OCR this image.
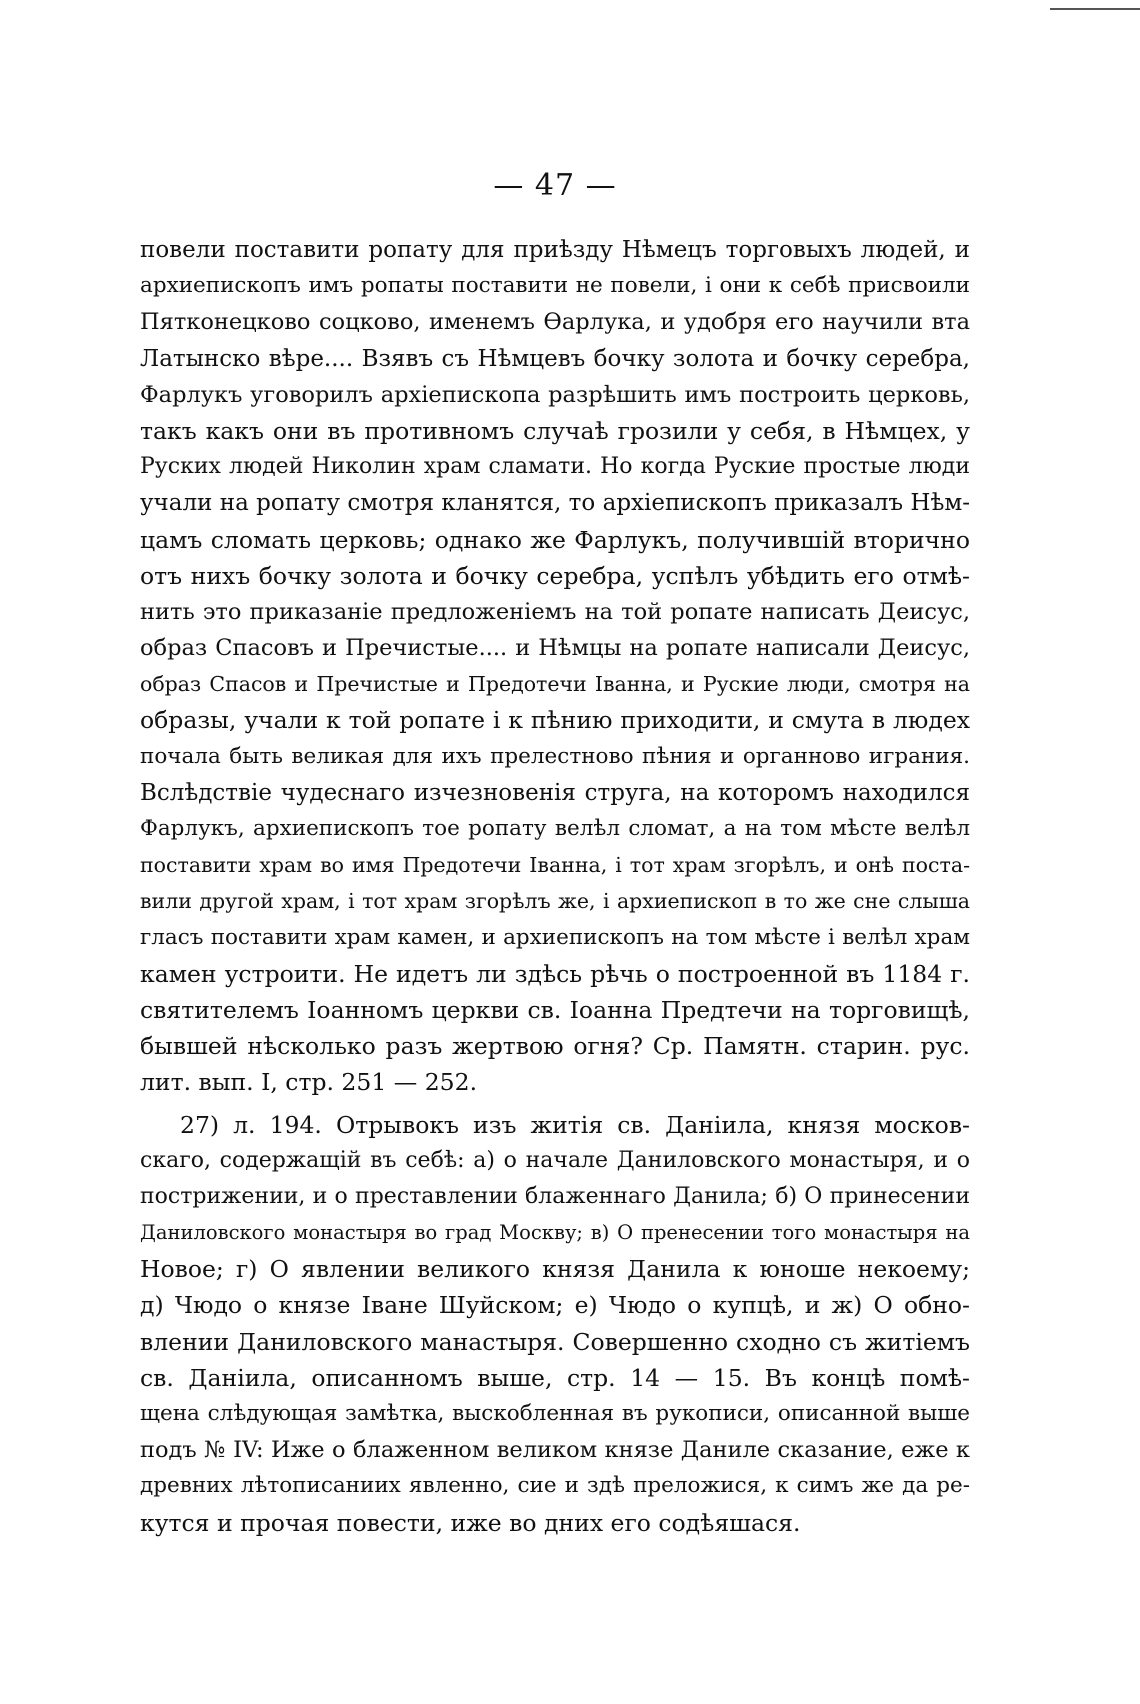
— 47 —
повели поставити ропату для приѣзду Нѣмецъ торговыхъ людей, и
архиепископъ имъ ропаты поставити не повели, і они к себѣ присвоили
Пятконецково соцково, именемъ Ѳарлука, и удобря его научили вта
Латынско вѣре.... Взявъ съ Нѣмцевъ бочку золота и бочку серебра,
Фарлукъ уговорилъ архіепископа разрѣшить имъ построить церковь,
такъ какъ они въ противномъ случаѣ грозили у себя, в Нѣмцех, у
Руских людей Николин храм сламати. Но когда Руские простые люди
учали на ропату смотря кланятся, то архіепископъ приказалъ Нѣм-
цамъ сломать церковь; однако же Фарлукъ, получившій вторично
отъ нихъ бочку золота и бочку серебра, успѣлъ убѣдить его отмѣ-
нить это приказаніе предложеніемъ на той ропате написать Деисус,
образ Спасовъ и Пречистые.... и Нѣмцы на ропате написали Деисус,
образ Спасов и Пречистые и Предотечи Іванна, и Руские люди, смотря на
образы, учали к той ропате і к пѣнию приходити, и смута в людех
почала быть великая для ихъ прелестново пѣния и органново игрaния.
Вслѣдствіе чудеснаго изчезновенія струга, на которомъ находился
Фарлукъ, архиепископъ тое ропату велѣл сломат, а на том мѣсте велѣл
поставити храм во имя Предотечи Іванна, і тот храм згорѣлъ, и онѣ поста-
вили другой храм, і тот храм згорѣлъ же, і архиепископ в то же сне слыша
гласъ поставити храм камен, и архиепископъ на том мѣсте і велѣл храм
камен устроити. Не идетъ ли здѣсь рѣчь о построенной въ 1184 г.
святителемъ Іоанномъ церкви св. Іоанна Предтечи на торговищѣ,
бывшей нѣсколько разъ жертвою огня? Ср. Памятн. старин. рус.
лит. вып. I, стр. 251 — 252.
27) л. 194. Отрывокъ изъ житія св. Даніила, князя москов-
скаго, содержащій въ себѣ: а) о начале Даниловского монастыря, и о
пострижении, и о преставлении блаженнаго Данила; б) О принесении
Даниловского монастыря во град Москву; в) О пренесении того монастыря на
Новое; г) О явлении великого князя Данила к юноше некоему;
д) Чюдо о князе Іване Шуйском; е) Чюдо о купцѣ, и ж) О обно-
влении Даниловского манастыря. Совершенно сходно съ житіемъ
св. Даніила, описанномъ выше, стр. 14 — 15. Въ концѣ помѣ-
щена слѣдующая замѣтка, выскобленная въ рукописи, описанной выше
подъ № IV: Иже о блаженном великом князе Даниле сказание, еже к
древних лѣтописаниих явленно, сие и здѣ преложися, к симъ же да ре-
кутся и прочая повести, иже во дних его содѣяшася.
